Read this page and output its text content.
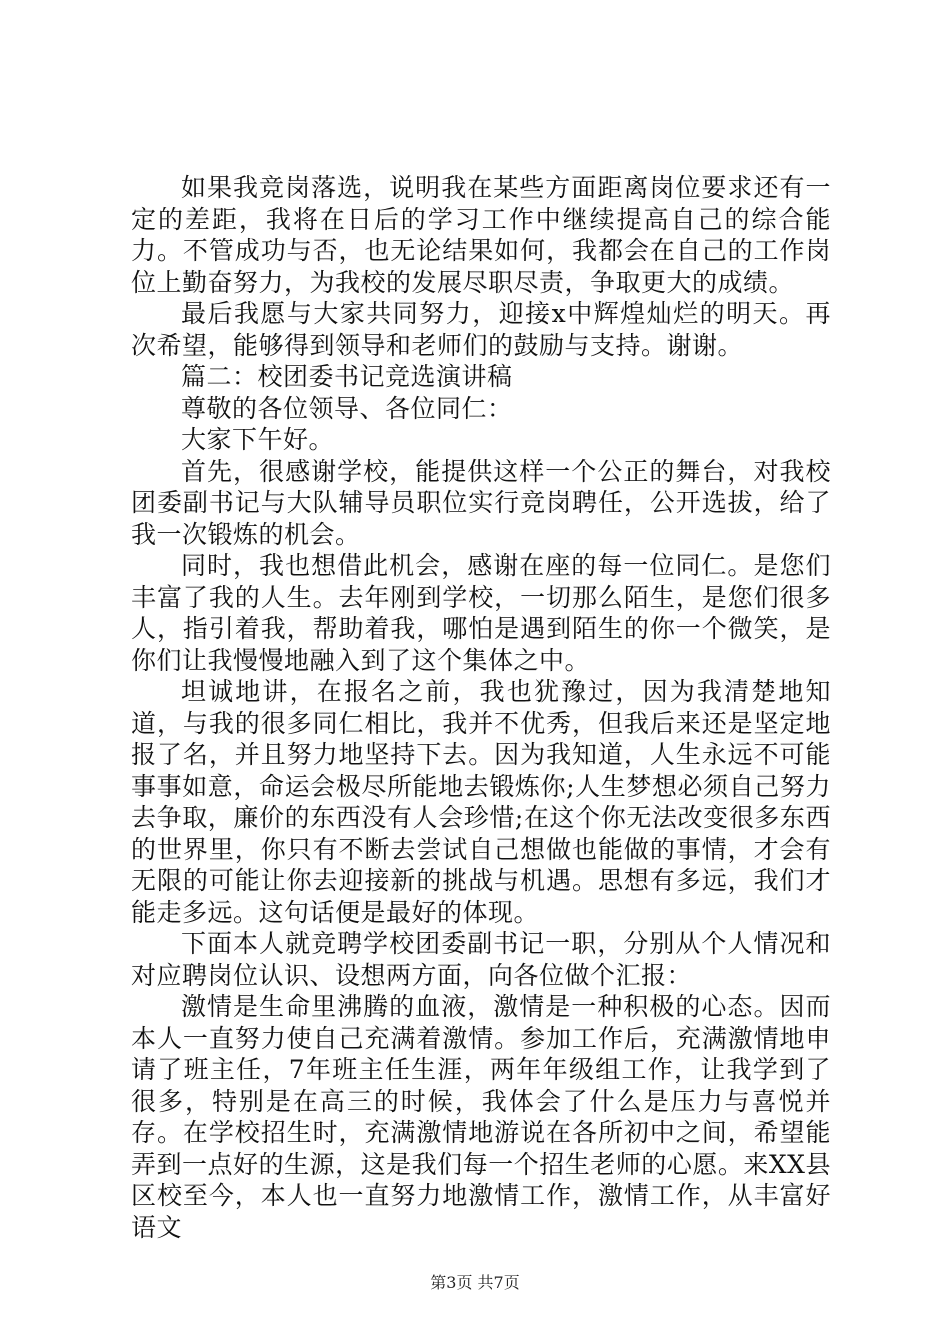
如果我竞岗落选，说明我在某些方面距离岗位要求还有一定的差距，我将在日后的学习工作中继续提高自己的综合能力。不管成功与否，也无论结果如何，我都会在自己的工作岗位上勤奋努力，为我校的发展尽职尽责，争取更大的成绩。

最后我愿与大家共同努力，迎接x中辉煌灿烂的明天。再次希望，能够得到领导和老师们的鼓励与支持。谢谢。

篇二：校团委书记竞选演讲稿

尊敬的各位领导、各位同仁：

大家下午好。

首先，很感谢学校，能提供这样一个公正的舞台，对我校团委副书记与大队辅导员职位实行竞岗聘任，公开选拔，给了我一次锻炼的机会。

同时，我也想借此机会，感谢在座的每一位同仁。是您们丰富了我的人生。去年刚到学校，一切那么陌生，是您们很多人，指引着我，帮助着我，哪怕是遇到陌生的你一个微笑，是你们让我慢慢地融入到了这个集体之中。

坦诚地讲，在报名之前，我也犹豫过，因为我清楚地知道，与我的很多同仁相比，我并不优秀，但我后来还是坚定地报了名，并且努力地坚持下去。因为我知道，人生永远不可能事事如意，命运会极尽所能地去锻炼你;人生梦想必须自己努力去争取，廉价的东西没有人会珍惜;在这个你无法改变很多东西的世界里，你只有不断去尝试自己想做也能做的事情，才会有无限的可能让你去迎接新的挑战与机遇。思想有多远，我们才能走多远。这句话便是最好的体现。

下面本人就竞聘学校团委副书记一职，分别从个人情况和对应聘岗位认识、设想两方面，向各位做个汇报：

激情是生命里沸腾的血液，激情是一种积极的心态。因而本人一直努力使自己充满着激情。参加工作后，充满激情地申请了班主任，7年班主任生涯，两年年级组工作，让我学到了很多，特别是在高三的时候，我体会了什么是压力与喜悦并存。在学校招生时，充满激情地游说在各所初中之间，希望能弄到一点好的生源，这是我们每一个招生老师的心愿。来XX县区校至今，本人也一直努力地激情工作，激情工作，从丰富好语文

第3页 共7页
